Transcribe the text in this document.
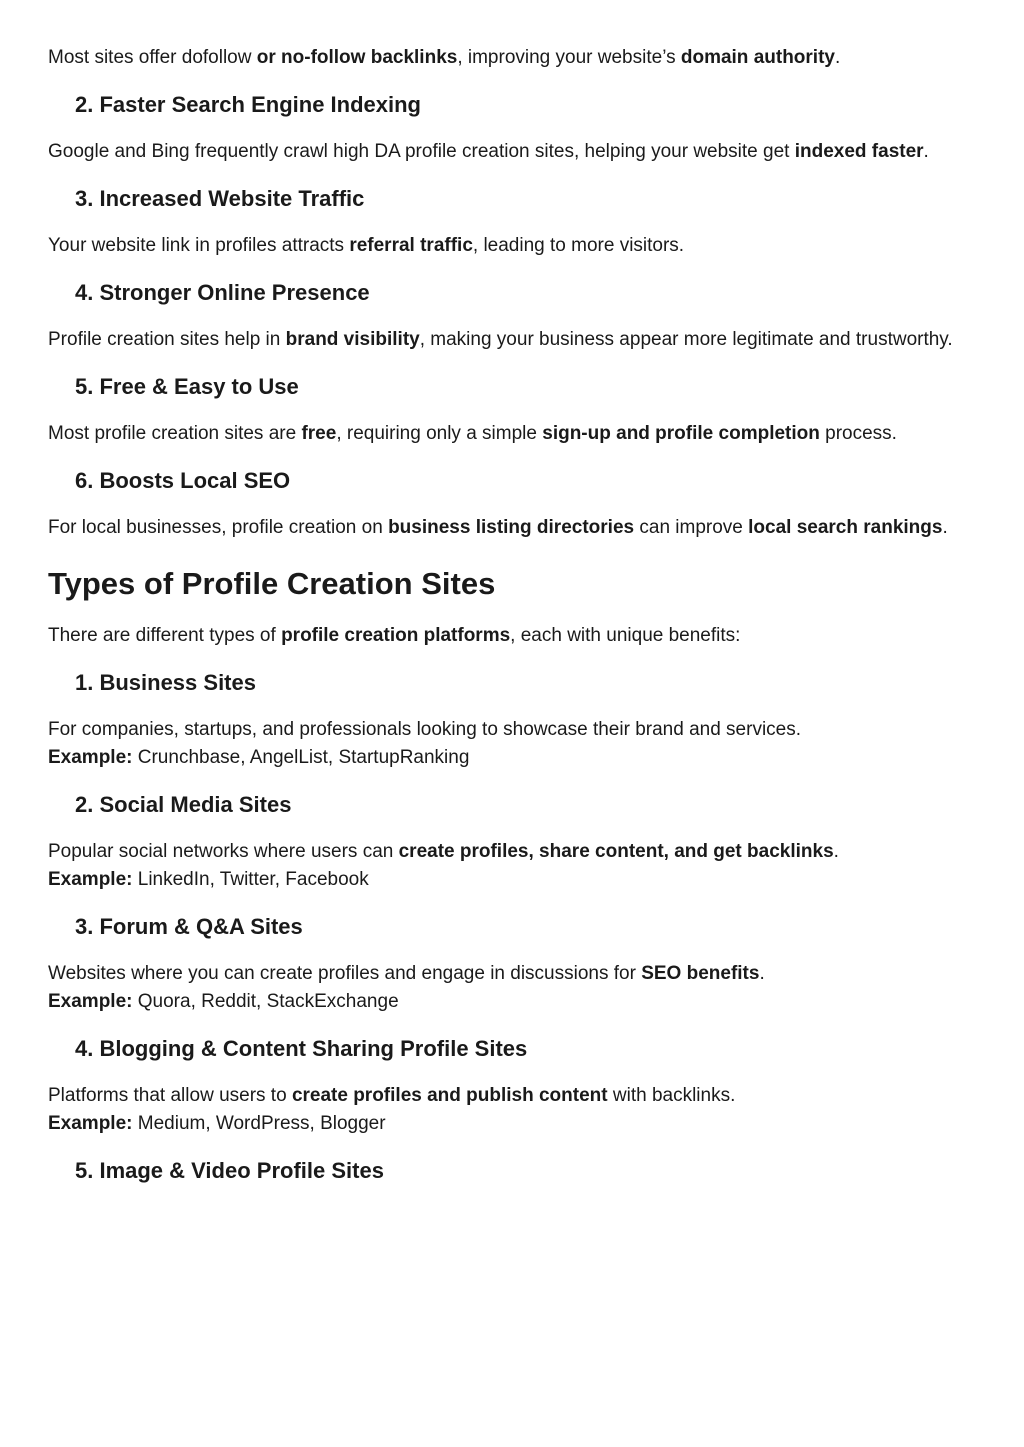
Most sites offer dofollow or no-follow backlinks, improving your website’s domain authority.

2. Faster Search Engine Indexing

Google and Bing frequently crawl high DA profile creation sites, helping your website get indexed faster.

3. Increased Website Traffic

Your website link in profiles attracts referral traffic, leading to more visitors.

4. Stronger Online Presence

Profile creation sites help in brand visibility, making your business appear more legitimate and trustworthy.

5. Free & Easy to Use

Most profile creation sites are free, requiring only a simple sign-up and profile completion process.

6. Boosts Local SEO

For local businesses, profile creation on business listing directories can improve local search rankings.

Types of Profile Creation Sites

There are different types of profile creation platforms, each with unique benefits:

1. Business Sites

For companies, startups, and professionals looking to showcase their brand and services.
Example: Crunchbase, AngelList, StartupRanking

2. Social Media Sites

Popular social networks where users can create profiles, share content, and get backlinks.
Example: LinkedIn, Twitter, Facebook

3. Forum & Q&A Sites

Websites where you can create profiles and engage in discussions for SEO benefits.
Example: Quora, Reddit, StackExchange

4. Blogging & Content Sharing Profile Sites

Platforms that allow users to create profiles and publish content with backlinks.
Example: Medium, WordPress, Blogger

5. Image & Video Profile Sites
